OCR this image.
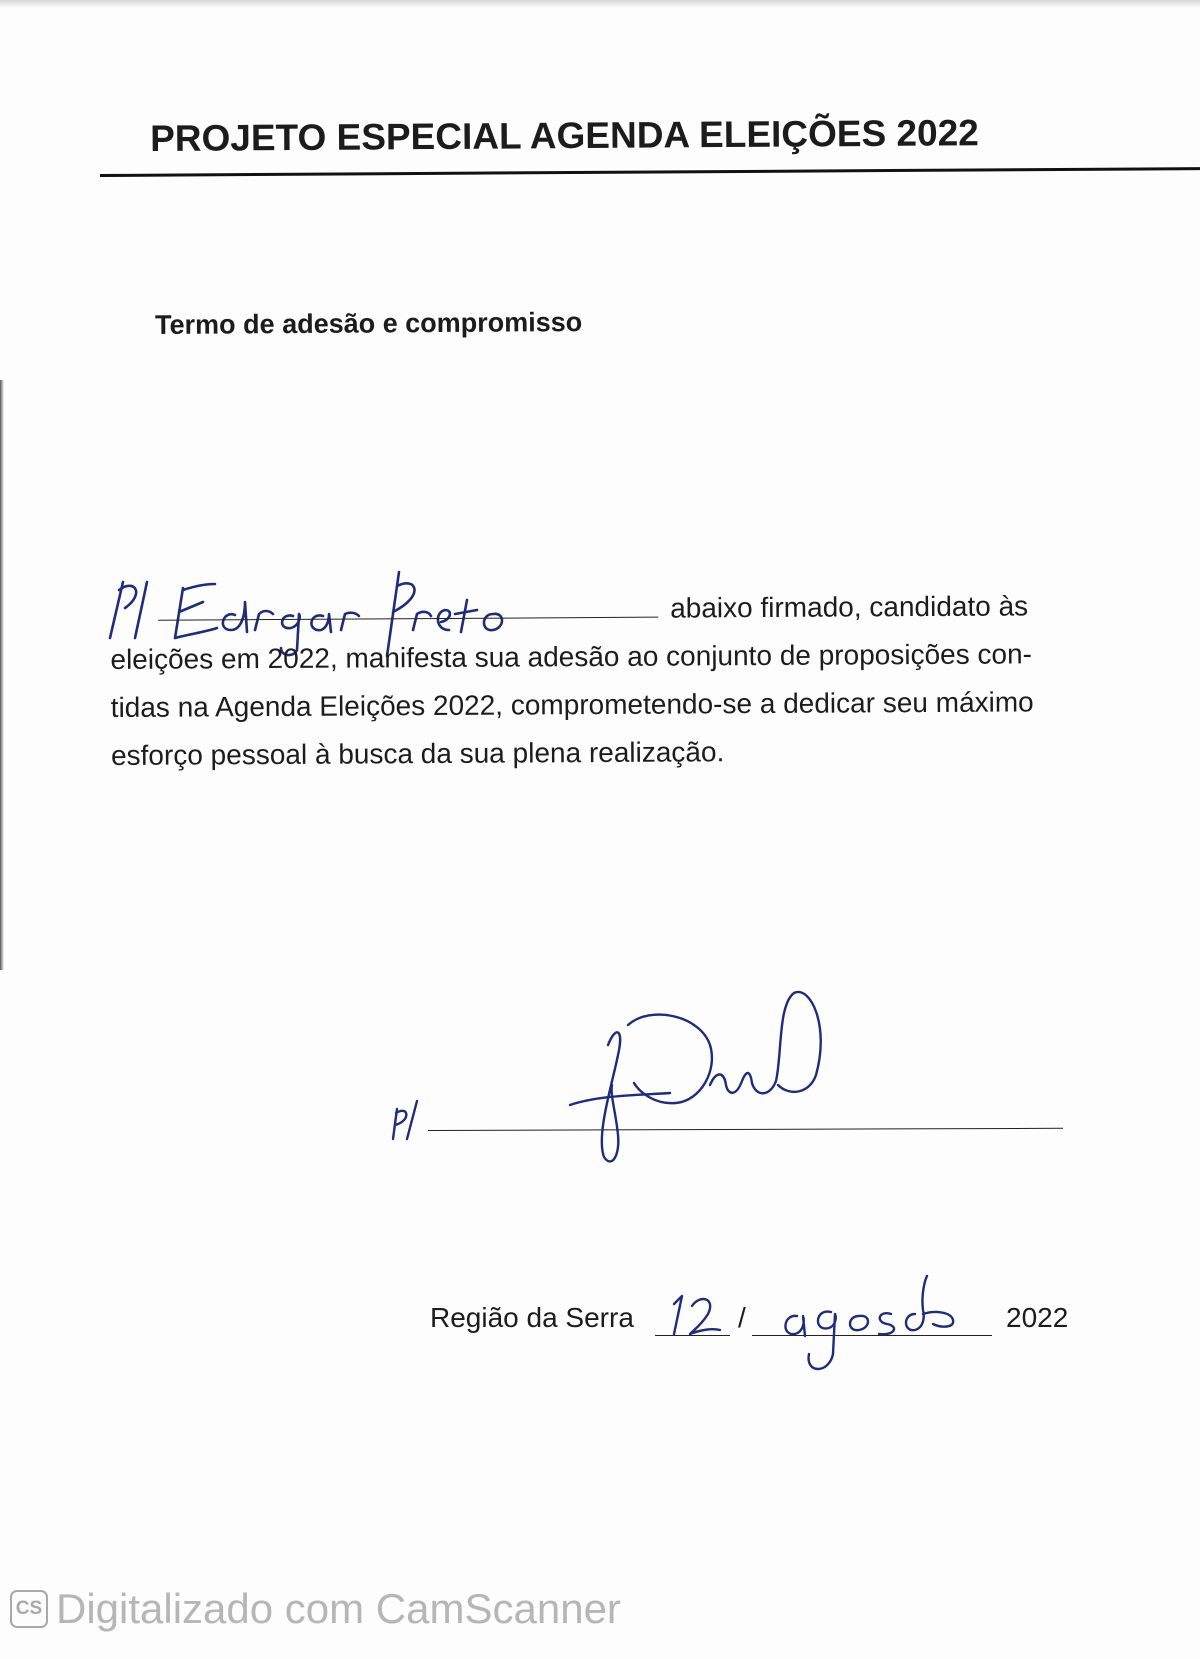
PROJETO ESPECIAL AGENDA ELEIÇÕES 2022
Termo de adesão e compromisso
abaixo firmado, candidato às
eleições em 2022, manifesta sua adesão ao conjunto de proposições con-
tidas na Agenda Eleições 2022, comprometendo-se a dedicar seu máximo
esforço pessoal à busca da sua plena realização.
Região da Serra	/	2022
CS Digitalizado com CamScanner
